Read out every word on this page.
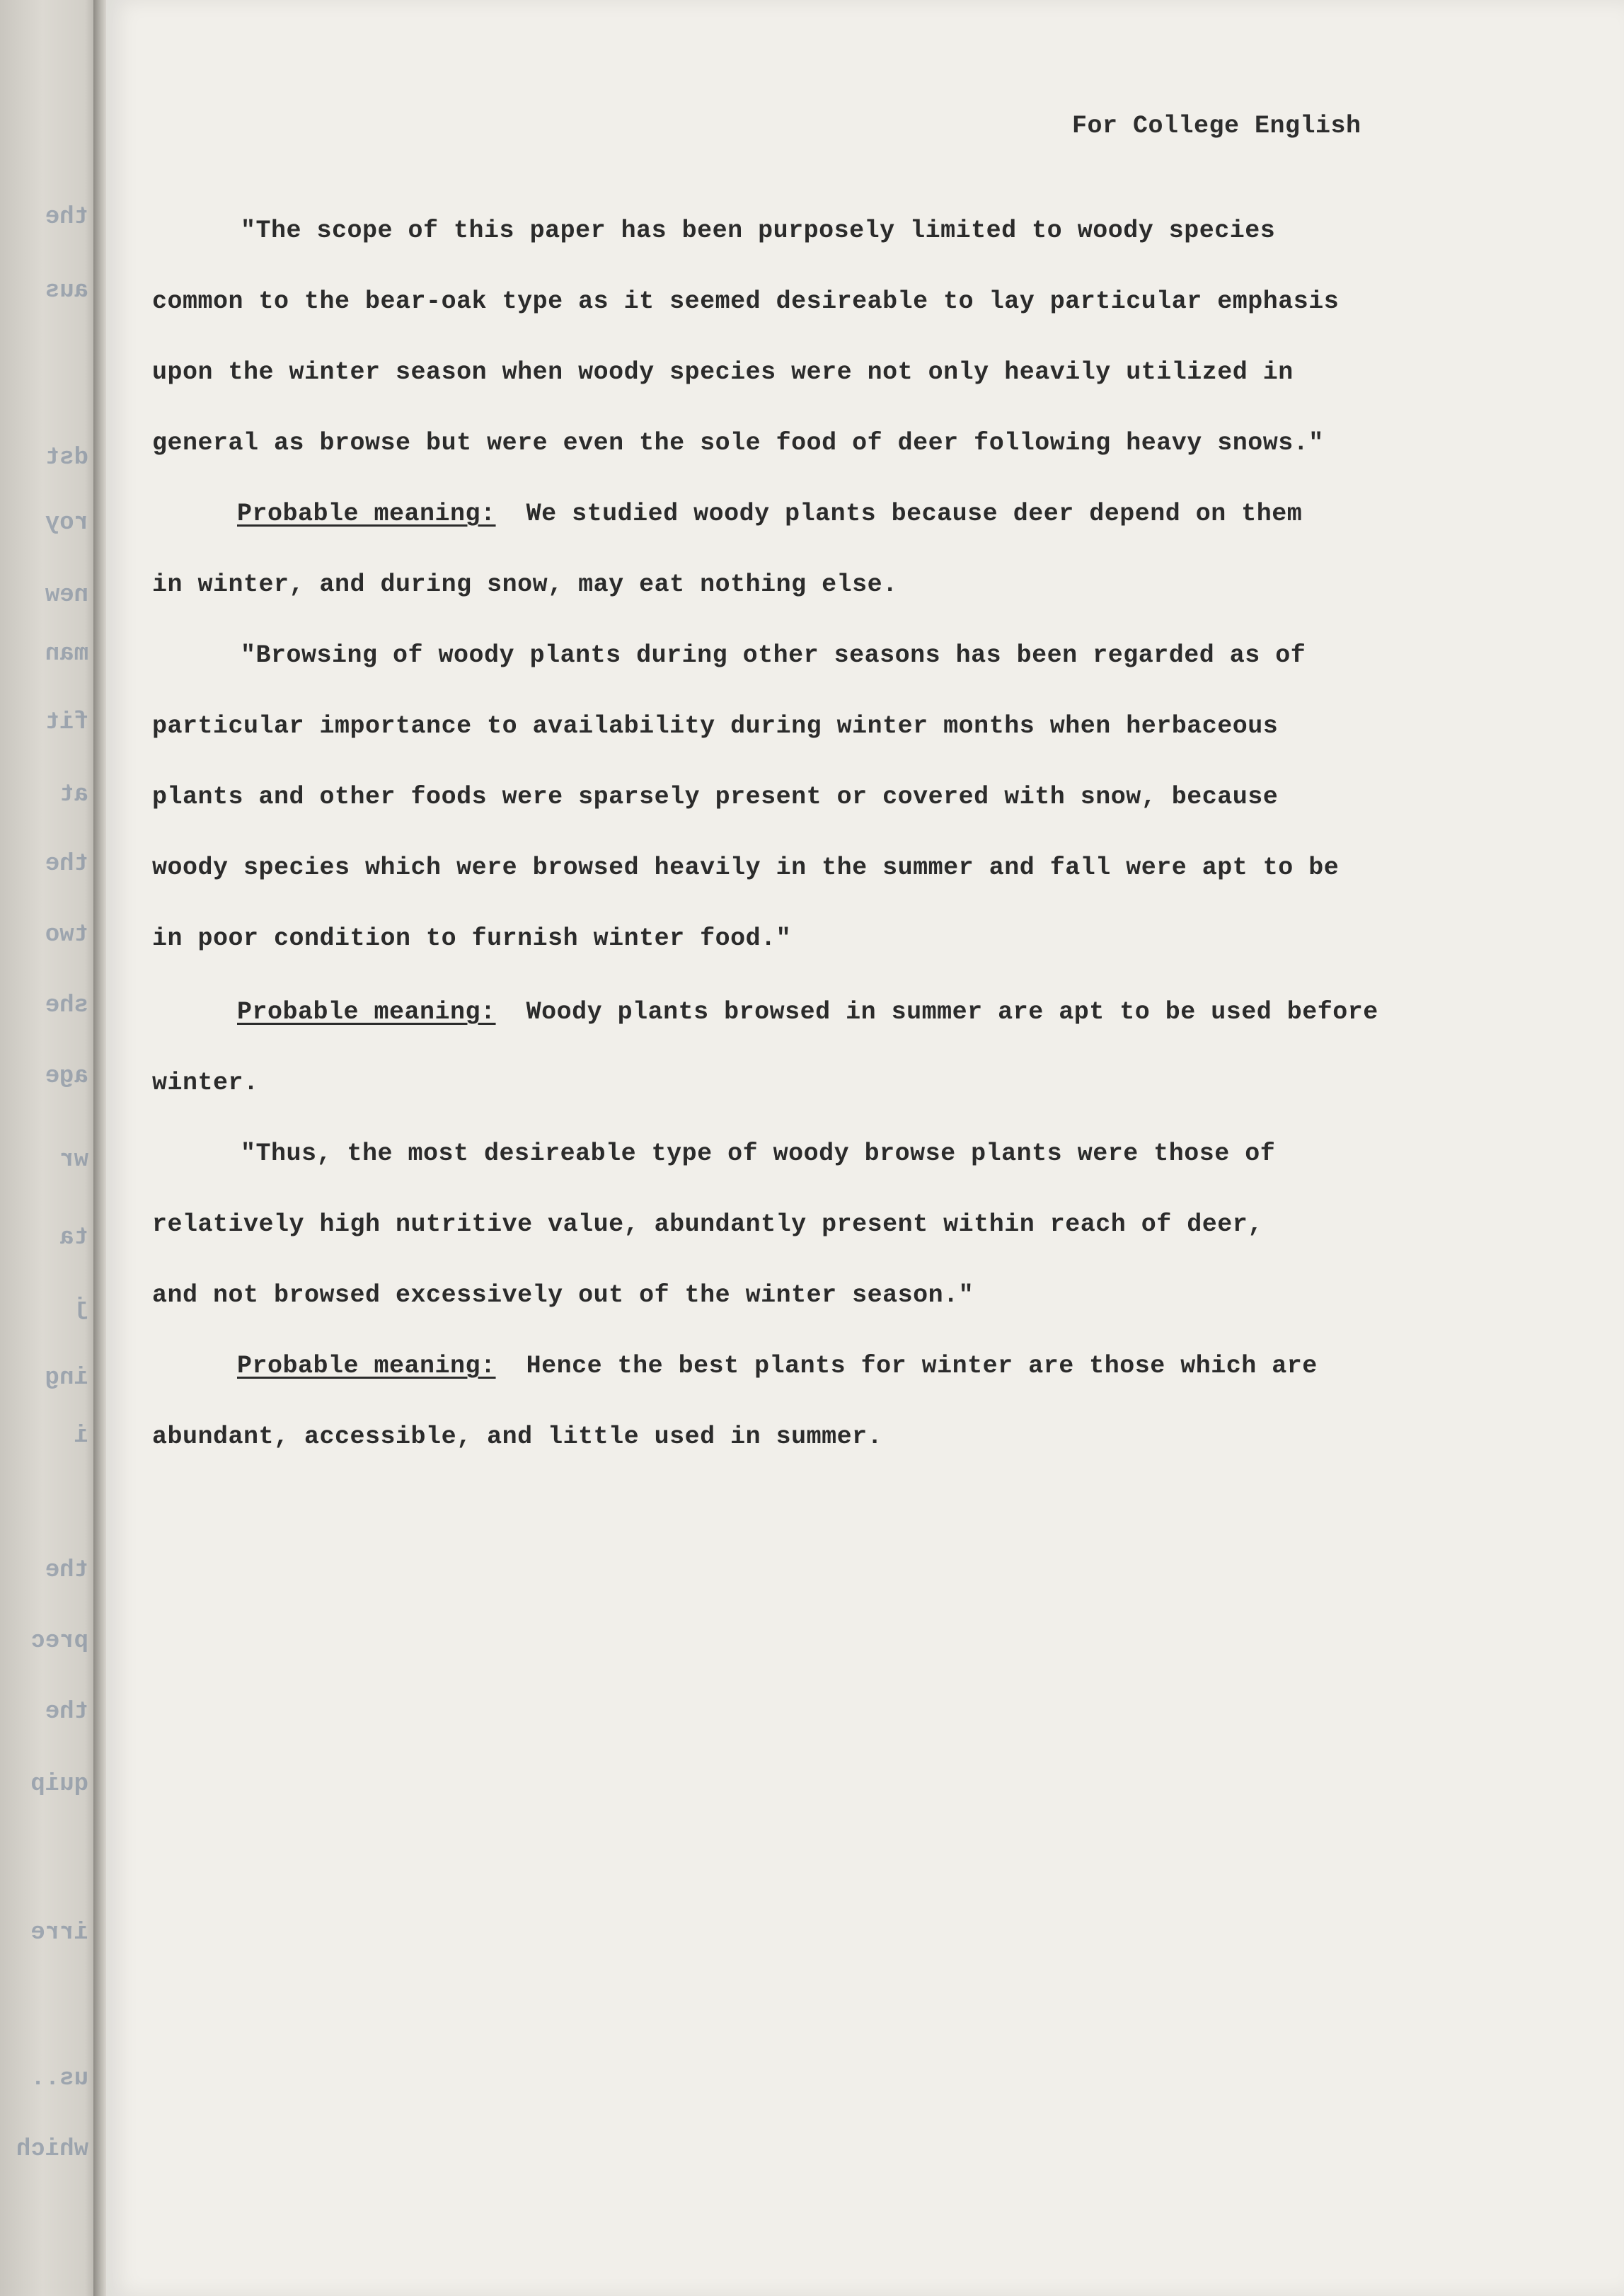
the
aus
dst
roy
new
man
fit
at
the
two
she
age
wr
ta
j
ing
i
the
prec
the
quip
irre
us..
which
For College English
"The scope of this paper has been purposely limited to woody species
common to the bear-oak type as it seemed desireable to lay particular emphasis
upon the winter season when woody species were not only heavily utilized in
general as browse but were even the sole food of deer following heavy snows."
Probable meaning: We studied woody plants because deer depend on them
in winter, and during snow, may eat nothing else.
"Browsing of woody plants during other seasons has been regarded as of
particular importance to availability during winter months when herbaceous
plants and other foods were sparsely present or covered with snow, because
woody species which were browsed heavily in the summer and fall were apt to be
in poor condition to furnish winter food."
Probable meaning: Woody plants browsed in summer are apt to be used before
winter.
"Thus, the most desireable type of woody browse plants were those of
relatively high nutritive value, abundantly present within reach of deer,
and not browsed excessively out of the winter season."
Probable meaning: Hence the best plants for winter are those which are
abundant, accessible, and little used in summer.
